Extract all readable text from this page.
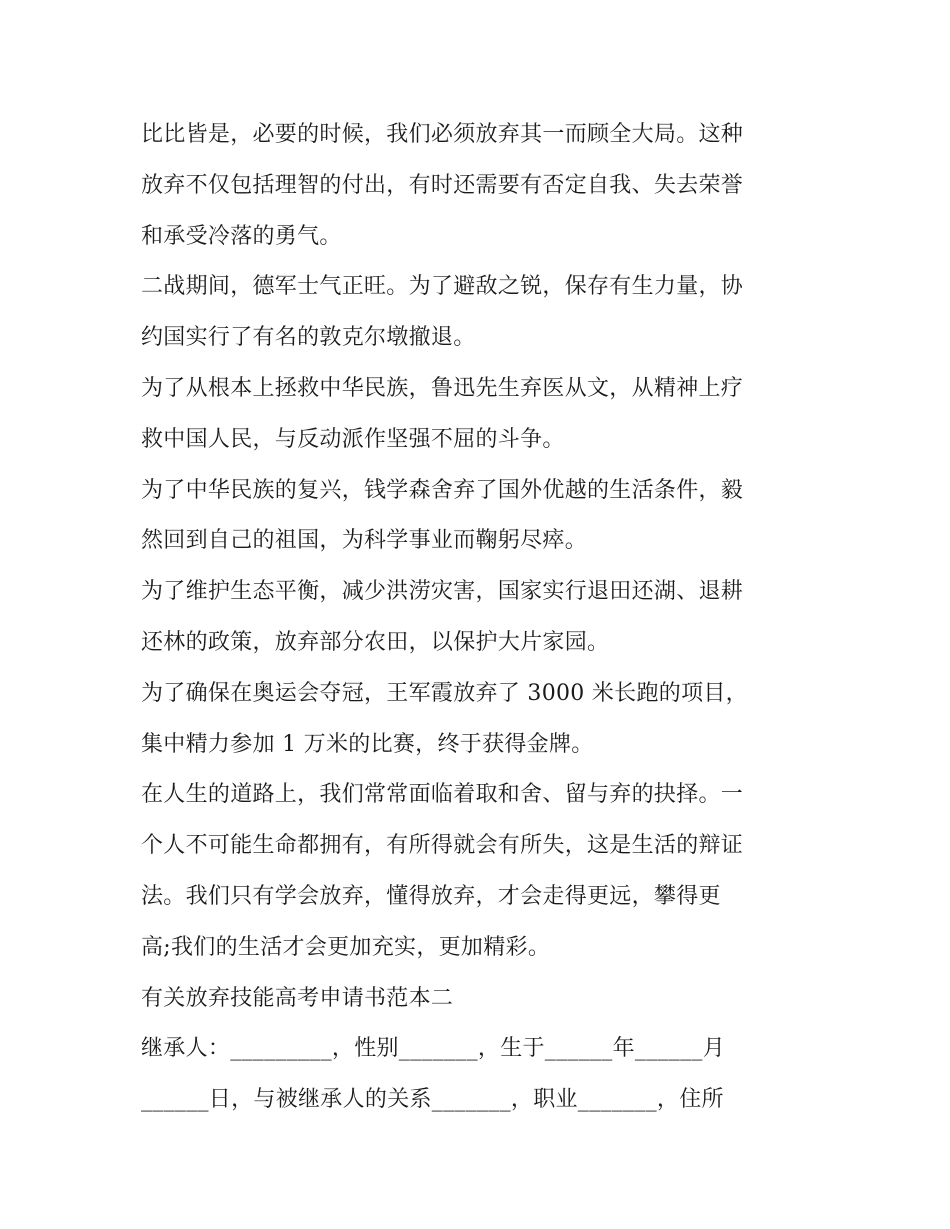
比比皆是，必要的时候，我们必须放弃其一而顾全大局。这种
放弃不仅包括理智的付出，有时还需要有否定自我、失去荣誉
和承受冷落的勇气。
二战期间，德军士气正旺。为了避敌之锐，保存有生力量，协
约国实行了有名的敦克尔墩撤退。
为了从根本上拯救中华民族，鲁迅先生弃医从文，从精神上疗
救中国人民，与反动派作坚强不屈的斗争。
为了中华民族的复兴，钱学森舍弃了国外优越的生活条件，毅
然回到自己的祖国，为科学事业而鞠躬尽瘁。
为了维护生态平衡，减少洪涝灾害，国家实行退田还湖、退耕
还林的政策，放弃部分农田，以保护大片家园。
为了确保在奥运会夺冠，王军霞放弃了 3000 米长跑的项目，
集中精力参加 1 万米的比赛，终于获得金牌。
在人生的道路上，我们常常面临着取和舍、留与弃的抉择。一
个人不可能生命都拥有，有所得就会有所失，这是生活的辩证
法。我们只有学会放弃，懂得放弃，才会走得更远，攀得更
高;我们的生活才会更加充实，更加精彩。
有关放弃技能高考申请书范本二
继承人：_________，性别_______，生于______年______月
______日，与被继承人的关系_______，职业_______，住所
